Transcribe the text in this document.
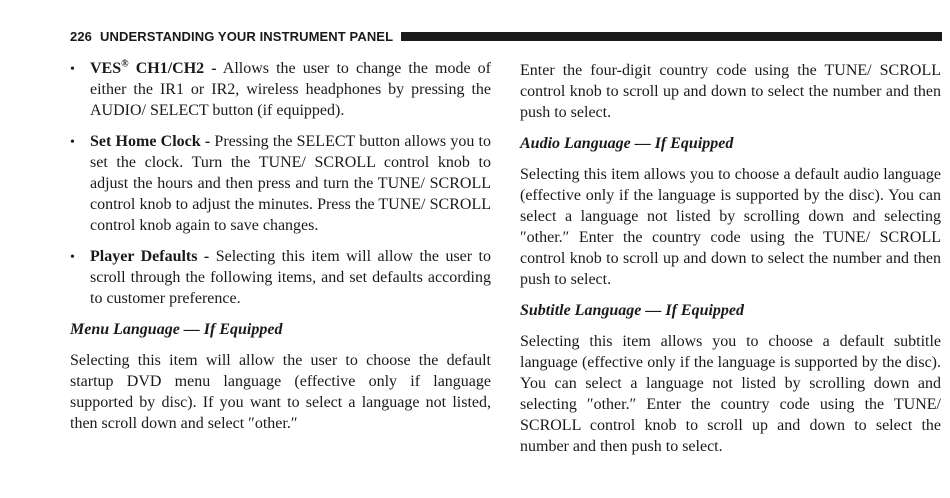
226 UNDERSTANDING YOUR INSTRUMENT PANEL
• VES® CH1/CH2 - Allows the user to change the mode of either the IR1 or IR2, wireless headphones by pressing the AUDIO/ SELECT button (if equipped).
• Set Home Clock - Pressing the SELECT button allows you to set the clock. Turn the TUNE/ SCROLL control knob to adjust the hours and then press and turn the TUNE/ SCROLL control knob to adjust the minutes. Press the TUNE/ SCROLL control knob again to save changes.
• Player Defaults - Selecting this item will allow the user to scroll through the following items, and set defaults according to customer preference.

Menu Language — If Equipped

Selecting this item will allow the user to choose the default startup DVD menu language (effective only if language supported by disc). If you want to select a language not listed, then scroll down and select ″other.″

Enter the four-digit country code using the TUNE/ SCROLL control knob to scroll up and down to select the number and then push to select.

Audio Language — If Equipped

Selecting this item allows you to choose a default audio language (effective only if the language is supported by the disc). You can select a language not listed by scrolling down and selecting ″other.″ Enter the country code using the TUNE/ SCROLL control knob to scroll up and down to select the number and then push to select.

Subtitle Language — If Equipped

Selecting this item allows you to choose a default subtitle language (effective only if the language is supported by the disc). You can select a language not listed by scrolling down and selecting ″other.″ Enter the country code using the TUNE/ SCROLL control knob to scroll up and down to select the number and then push to select.
